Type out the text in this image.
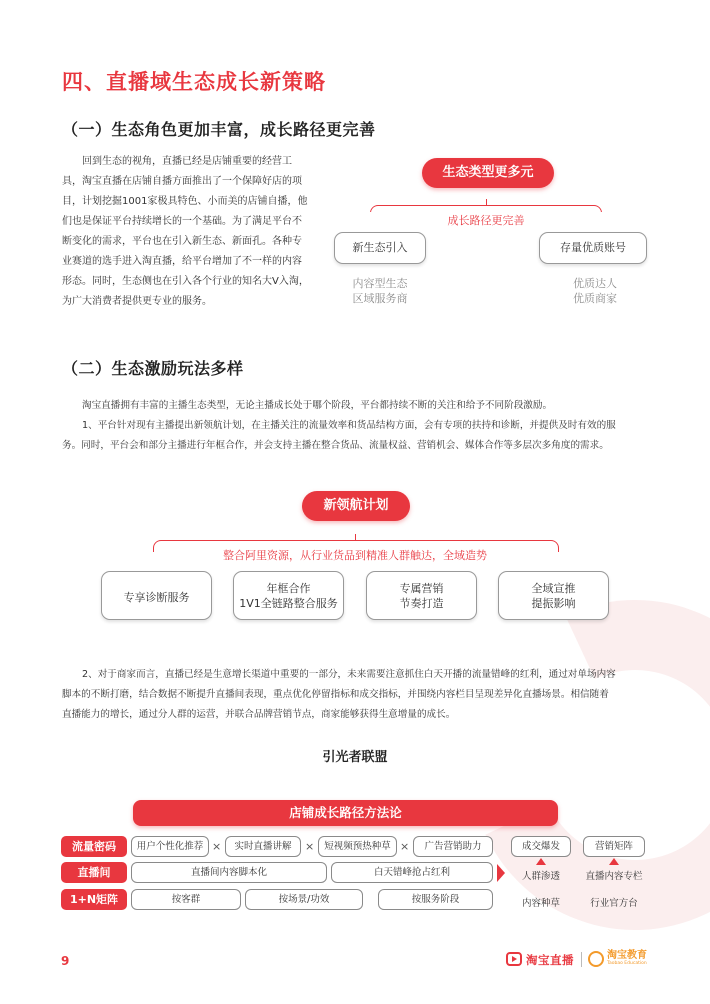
四、直播域生态成长新策略
（一）生态角色更加丰富，成长路径更完善
回到生态的视角，直播已经是店铺重要的经营工
具，淘宝直播在店铺自播方面推出了一个保障好店的项
目，计划挖掘1001家极具特色、小而美的店铺自播，他
们也是保证平台持续增长的一个基础。为了满足平台不
断变化的需求，平台也在引入新生态、新面孔。各种专
业赛道的选手进入淘直播，给平台增加了不一样的内容
形态。同时，生态侧也在引入各个行业的知名大V入淘，
为广大消费者提供更专业的服务。
生态类型更多元
成长路径更完善
新生态引入	存量优质账号
内容型生态
区域服务商
优质达人
优质商家
（二）生态激励玩法多样
淘宝直播拥有丰富的主播生态类型，无论主播成长处于哪个阶段，平台都持续不断的关注和给予不同阶段激励。
1、平台针对现有主播提出新领航计划，在主播关注的流量效率和货品结构方面，会有专项的扶持和诊断，并提供及时有效的服
务。同时，平台会和部分主播进行年框合作，并会支持主播在整合货品、流量权益、营销机会、媒体合作等多层次多角度的需求。
新领航计划
整合阿里资源，从行业货品到精准人群触达，全域造势
专享诊断服务
年框合作
1V1全链路整合服务
专属营销
节奏打造
全域宣推
提振影响
2、对于商家而言，直播已经是生意增长渠道中重要的一部分，未来需要注意抓住白天开播的流量错峰的红利，通过对单场内容
脚本的不断打磨，结合数据不断提升直播间表现，重点优化停留指标和成交指标，并围绕内容栏目呈现差异化直播场景。相信随着
直播能力的增长，通过分人群的运营，并联合品牌营销节点，商家能够获得生意增量的成长。
引光者联盟
店铺成长路径方法论
流量密码
直播间
1+N矩阵
用户个性化推荐 ×	实时直播讲解	×	短视频预热种草 ×	广告营销助力
直播间内容脚本化	白天错峰抢占红利
按客群	按场景/功效	按服务阶段
成交爆发	营销矩阵
人群渗透	直播内容专栏
内容种草	行业官方台
9	淘宝直播	淘宝教育
Taobao Education
